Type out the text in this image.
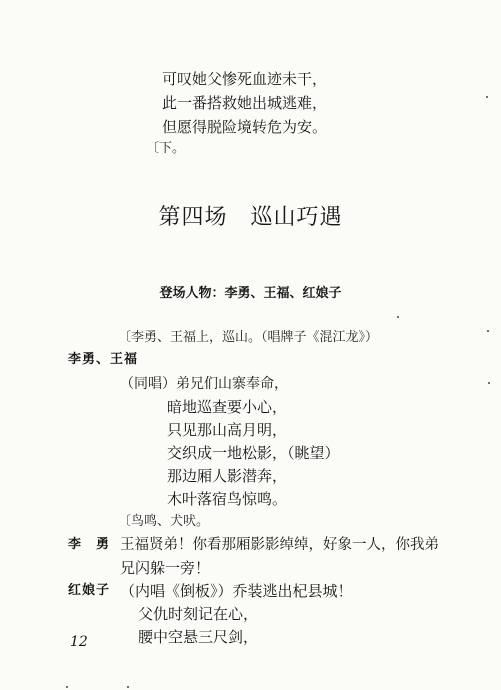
可叹她父惨死血迹未干，
此一番搭救她出城逃难，
但愿得脱险境转危为安。
〔下。
第四场　巡山巧遇
登场人物：李勇、王福、红娘子
〔李勇、王福上，巡山。（唱牌子《混江龙》）
李勇、王福
（同唱）弟兄们山寨奉命，
暗地巡查要小心，
只见那山高月明，
交织成一地松影，（眺望）
那边厢人影潜奔，
木叶落宿鸟惊鸣。
〔鸟鸣、犬吠。
李　勇 王福贤弟！你看那厢影影绰绰，好象一人，你我弟
兄闪躲一旁！
红娘子 （内唱《倒板》）乔装逃出杞县城！
父仇时刻记在心，
腰中空悬三尺剑，
12
